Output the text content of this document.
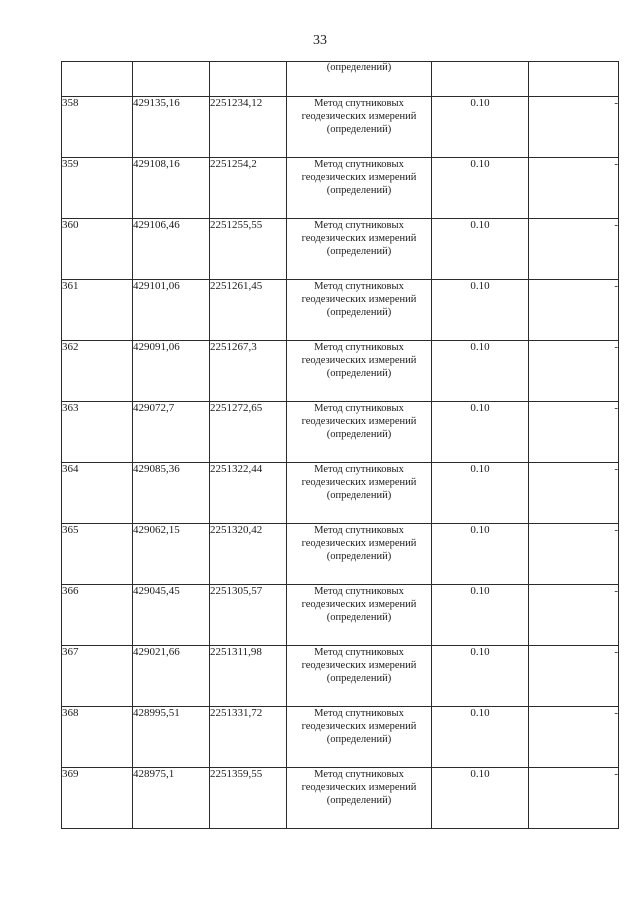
33
			(определений)		
358	429135,16	2251234,12	Метод спутниковых
геодезических измерений
(определений)	0.10	-
359	429108,16	2251254,2	Метод спутниковых
геодезических измерений
(определений)	0.10	-
360	429106,46	2251255,55	Метод спутниковых
геодезических измерений
(определений)	0.10	-
361	429101,06	2251261,45	Метод спутниковых
геодезических измерений
(определений)	0.10	-
362	429091,06	2251267,3	Метод спутниковых
геодезических измерений
(определений)	0.10	-
363	429072,7	2251272,65	Метод спутниковых
геодезических измерений
(определений)	0.10	-
364	429085,36	2251322,44	Метод спутниковых
геодезических измерений
(определений)	0.10	-
365	429062,15	2251320,42	Метод спутниковых
геодезических измерений
(определений)	0.10	-
366	429045,45	2251305,57	Метод спутниковых
геодезических измерений
(определений)	0.10	-
367	429021,66	2251311,98	Метод спутниковых
геодезических измерений
(определений)	0.10	-
368	428995,51	2251331,72	Метод спутниковых
геодезических измерений
(определений)	0.10	-
369	428975,1	2251359,55	Метод спутниковых
геодезических измерений
(определений)	0.10	-
